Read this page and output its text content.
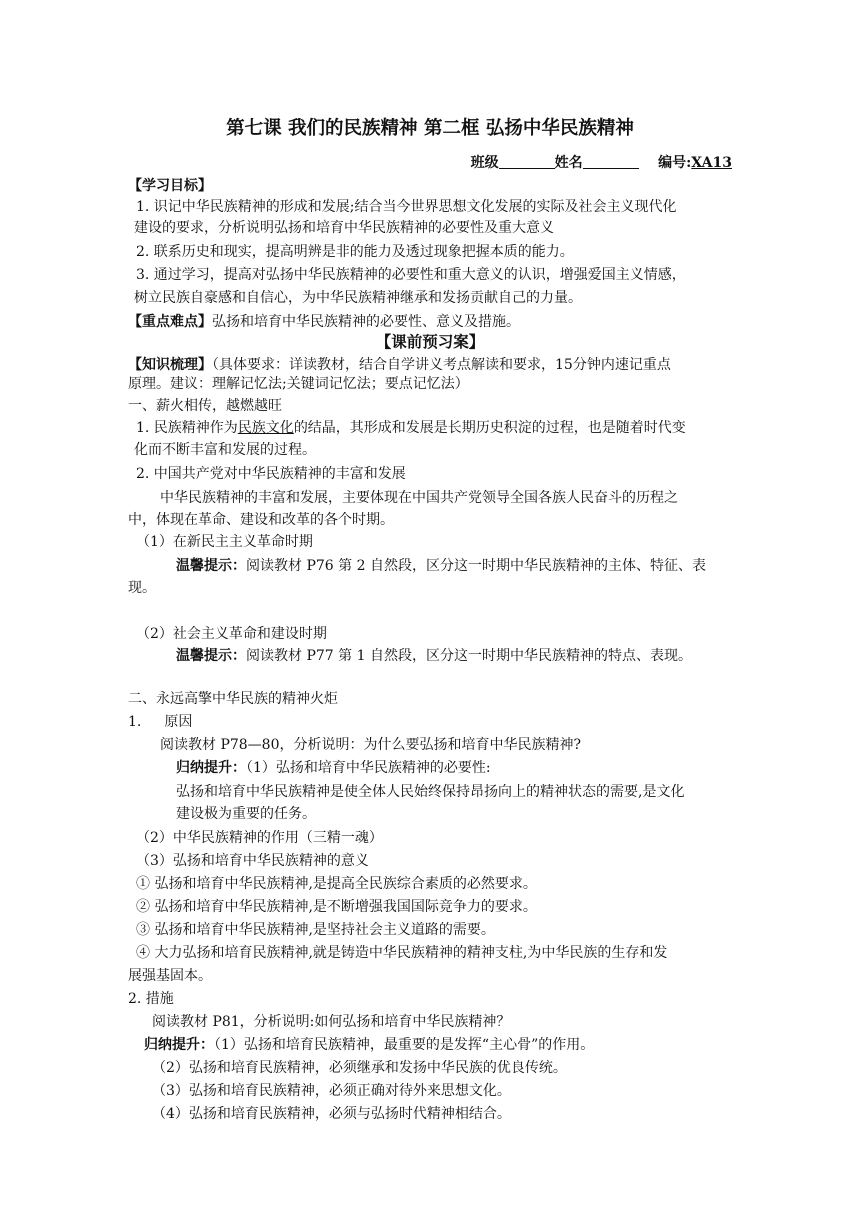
第七课 我们的民族精神 第二框 弘扬中华民族精神
班级	姓名	编号:XA13
【学习目标】
1. 识记中华民族精神的形成和发展;结合当今世界思想文化发展的实际及社会主义现代化
建设的要求，分析说明弘扬和培育中华民族精神的必要性及重大意义
2. 联系历史和现实，提高明辨是非的能力及透过现象把握本质的能力。
3. 通过学习，提高对弘扬中华民族精神的必要性和重大意义的认识，增强爱国主义情感，
树立民族自豪感和自信心，为中华民族精神继承和发扬贡献自己的力量。
【重点难点】弘扬和培育中华民族精神的必要性、意义及措施。
【课前预习案】
【知识梳理】（具体要求：详读教材，结合自学讲义考点解读和要求，15分钟内速记重点
原理。建议：理解记忆法;关键词记忆法；要点记忆法）
一、薪火相传，越燃越旺
1. 民族精神作为民族文化的结晶，其形成和发展是长期历史积淀的过程，也是随着时代变
化而不断丰富和发展的过程。
2. 中国共产党对中华民族精神的丰富和发展
中华民族精神的丰富和发展，主要体现在中国共产党领导全国各族人民奋斗的历程之
中，体现在革命、建设和改革的各个时期。
（1）在新民主主义革命时期
温馨提示：阅读教材 P76 第 2 自然段，区分这一时期中华民族精神的主体、特征、表
现。
（2）社会主义革命和建设时期
温馨提示：阅读教材 P77 第 1 自然段，区分这一时期中华民族精神的特点、表现。
二、永远高擎中华民族的精神火炬
1. 原因
阅读教材 P78—80，分析说明：为什么要弘扬和培育中华民族精神?
归纳提升：（1）弘扬和培育中华民族精神的必要性:
弘扬和培育中华民族精神是使全体人民始终保持昂扬向上的精神状态的需要,是文化
建设极为重要的任务。
（2）中华民族精神的作用（三精一魂）
（3）弘扬和培育中华民族精神的意义
① 弘扬和培育中华民族精神,是提高全民族综合素质的必然要求。
② 弘扬和培育中华民族精神,是不断增强我国国际竞争力的要求。
③ 弘扬和培育中华民族精神,是坚持社会主义道路的需要。
④ 大力弘扬和培育民族精神,就是铸造中华民族精神的精神支柱,为中华民族的生存和发
展强基固本。
2. 措施
阅读教材 P81，分析说明:如何弘扬和培育中华民族精神？
归纳提升：（1）弘扬和培育民族精神，最重要的是发挥“主心骨”的作用。
（2）弘扬和培育民族精神，必须继承和发扬中华民族的优良传统。
（3）弘扬和培育民族精神，必须正确对待外来思想文化。
（4）弘扬和培育民族精神，必须与弘扬时代精神相结合。
